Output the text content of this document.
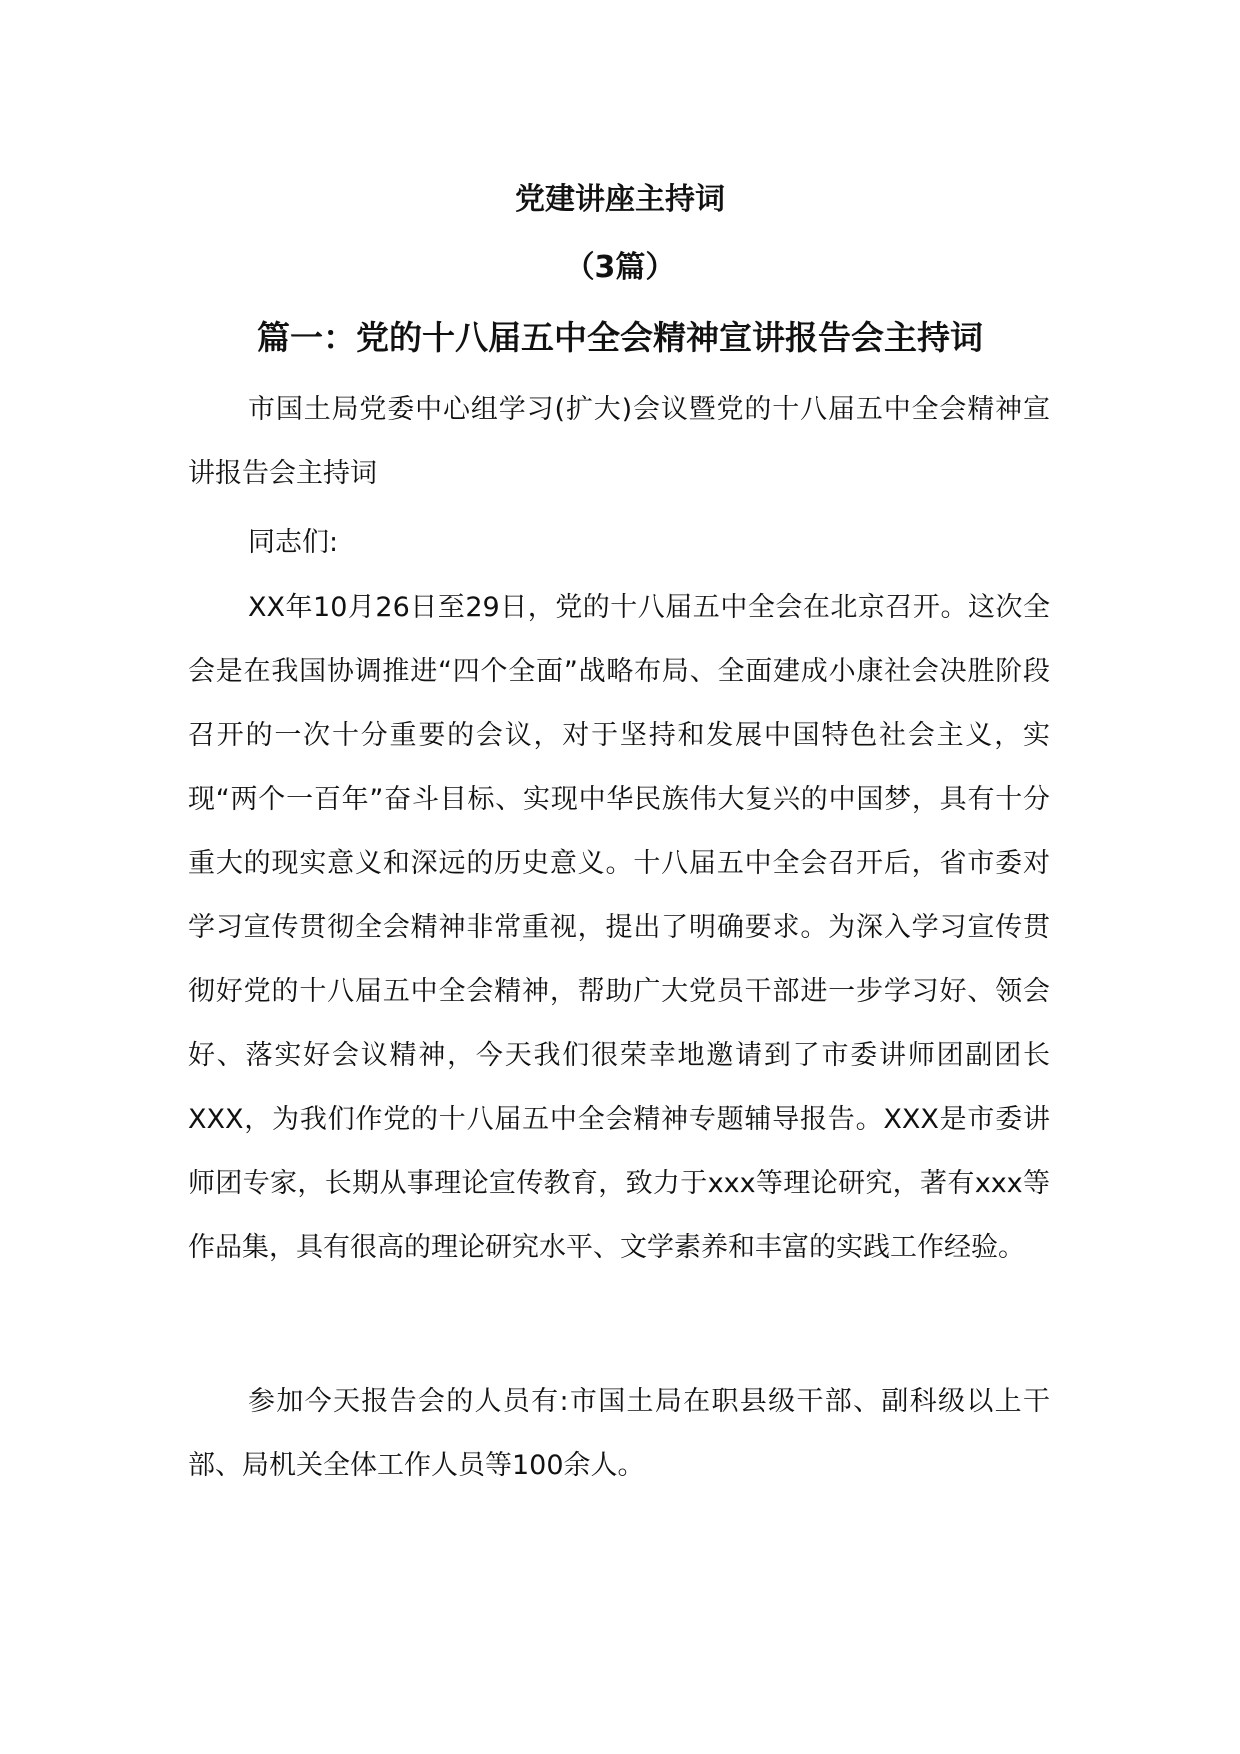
党建讲座主持词
（3篇）
篇一：党的十八届五中全会精神宣讲报告会主持词

市国土局党委中心组学习(扩大)会议暨党的十八届五中全会精神宣讲报告会主持词

同志们:

XX年10月26日至29日，党的十八届五中全会在北京召开。这次全会是在我国协调推进“四个全面”战略布局、全面建成小康社会决胜阶段召开的一次十分重要的会议，对于坚持和发展中国特色社会主义，实现“两个一百年”奋斗目标、实现中华民族伟大复兴的中国梦，具有十分重大的现实意义和深远的历史意义。十八届五中全会召开后，省市委对学习宣传贯彻全会精神非常重视，提出了明确要求。为深入学习宣传贯彻好党的十八届五中全会精神，帮助广大党员干部进一步学习好、领会好、落实好会议精神，今天我们很荣幸地邀请到了市委讲师团副团长XXX，为我们作党的十八届五中全会精神专题辅导报告。XXX是市委讲师团专家，长期从事理论宣传教育，致力于xxx等理论研究，著有xxx等作品集，具有很高的理论研究水平、文学素养和丰富的实践工作经验。

参加今天报告会的人员有:市国土局在职县级干部、副科级以上干部、局机关全体工作人员等100余人。
